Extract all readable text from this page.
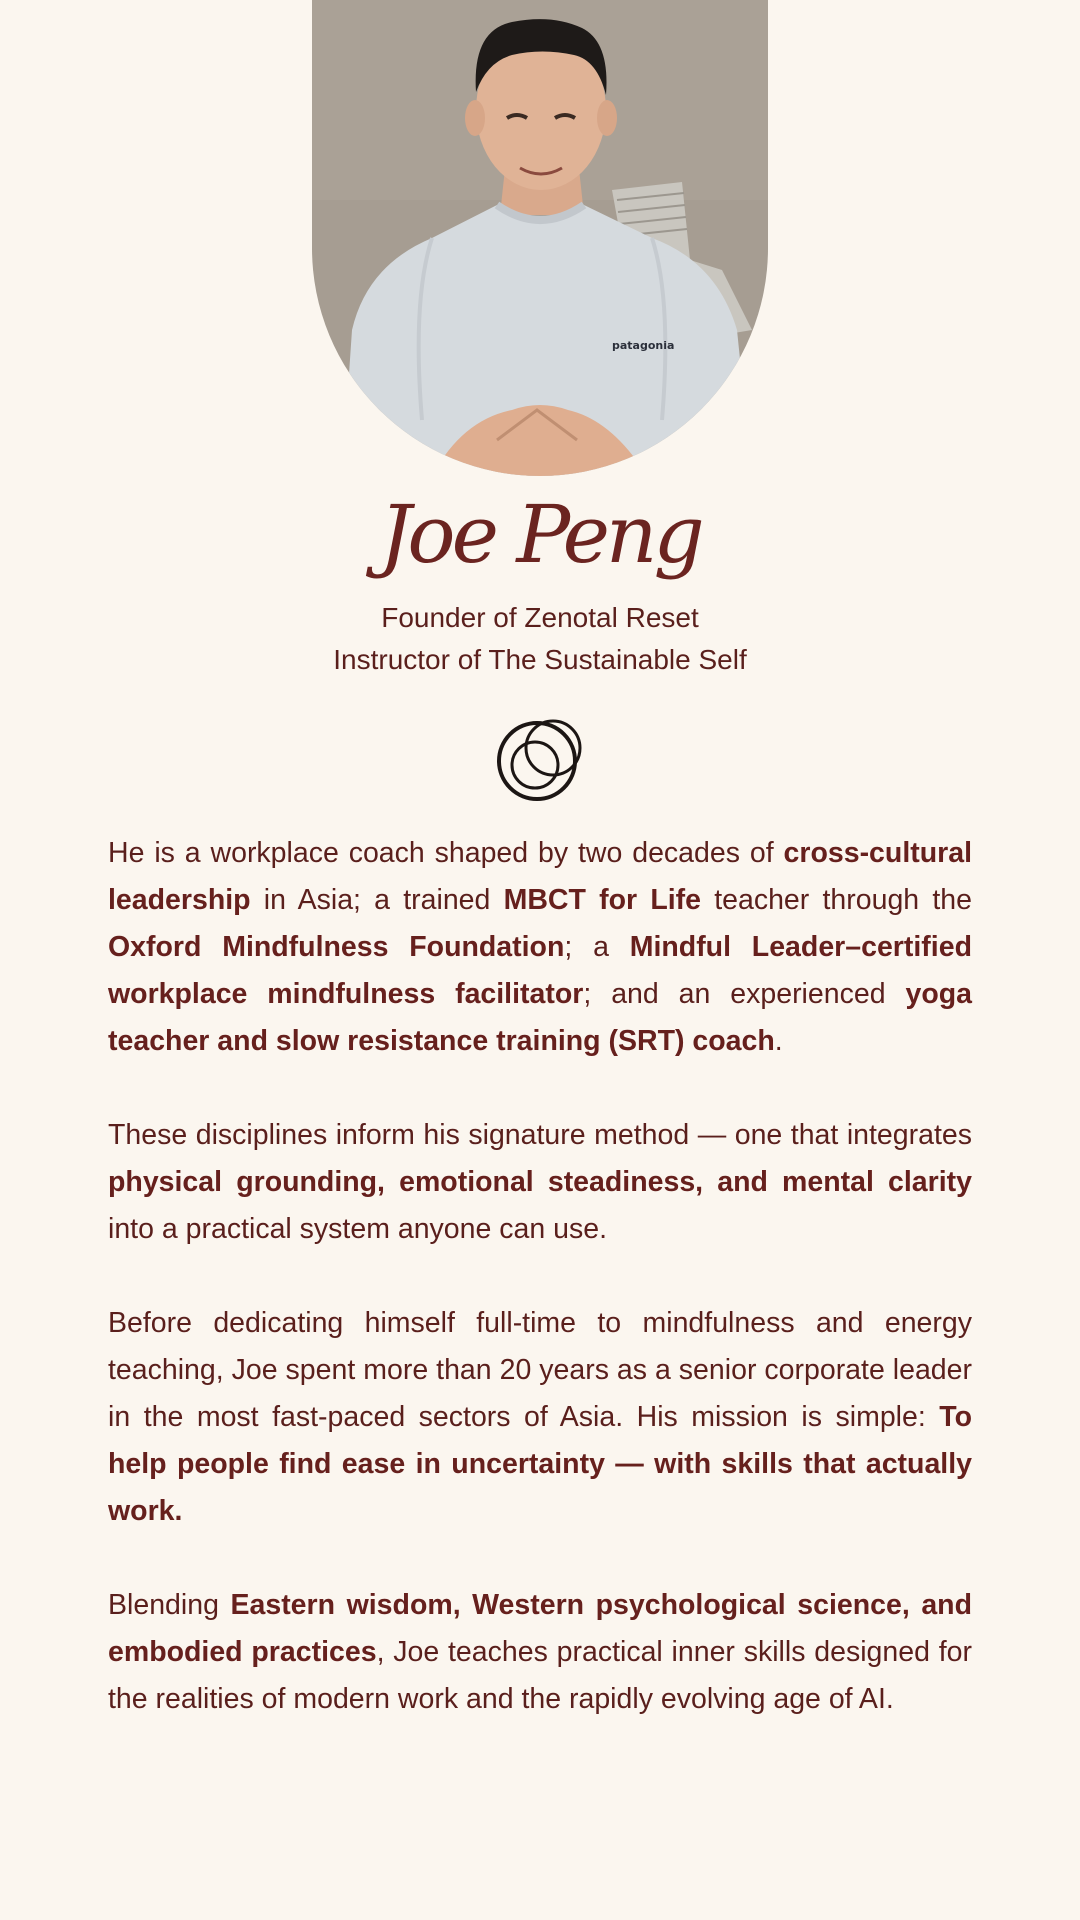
patagonia
Joe Peng
Founder of Zenotal Reset
Instructor of The Sustainable Self

He is a workplace coach shaped by two decades of cross-cultural leadership in Asia; a trained MBCT for Life teacher through the Oxford Mindfulness Foundation; a Mindful Leader–certified workplace mindfulness facilitator; and an experienced yoga teacher and slow resistance training (SRT) coach.

These disciplines inform his signature method — one that integrates physical grounding, emotional steadiness, and mental clarity into a practical system anyone can use.

Before dedicating himself full-time to mindfulness and energy teaching, Joe spent more than 20 years as a senior corporate leader in the most fast-paced sectors of Asia. His mission is simple: To help people find ease in uncertainty — with skills that actually work.

Blending Eastern wisdom, Western psychological science, and embodied practices, Joe teaches practical inner skills designed for the realities of modern work and the rapidly evolving age of AI.
